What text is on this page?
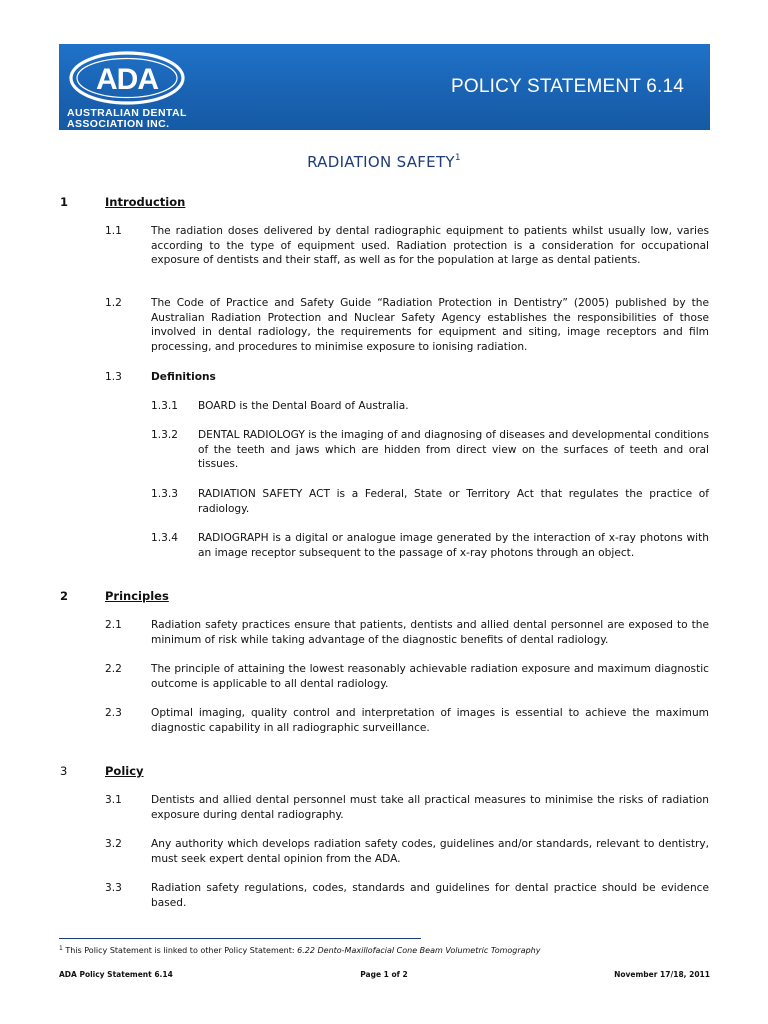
ADA
AUSTRALIAN DENTAL
ASSOCIATION INC.
POLICY STATEMENT 6.14
RADIATION SAFETY$^1$
1	Introduction
1.1	The radiation doses delivered by dental radiographic equipment to patients whilst usually low, varies according to the type of equipment used. Radiation protection is a consideration for occupational exposure of dentists and their staff, as well as for the population at large as dental patients.
1.2	The Code of Practice and Safety Guide “Radiation Protection in Dentistry” (2005) published by the Australian Radiation Protection and Nuclear Safety Agency establishes the responsibilities of those involved in dental radiology, the requirements for equipment and siting, image receptors and film processing, and procedures to minimise exposure to ionising radiation.
1.3	Definitions
1.3.1 BOARD is the Dental Board of Australia.
1.3.2 DENTAL RADIOLOGY is the imaging of and diagnosing of diseases and developmental conditions of the teeth and jaws which are hidden from direct view on the surfaces of teeth and oral tissues.
1.3.3 RADIATION SAFETY ACT is a Federal, State or Territory Act that regulates the practice of radiology.
1.3.4 RADIOGRAPH is a digital or analogue image generated by the interaction of x-ray photons with an image receptor subsequent to the passage of x-ray photons through an object.
2	Principles
2.1	Radiation safety practices ensure that patients, dentists and allied dental personnel are exposed to the minimum of risk while taking advantage of the diagnostic benefits of dental radiology.
2.2	The principle of attaining the lowest reasonably achievable radiation exposure and maximum diagnostic outcome is applicable to all dental radiology.
2.3	Optimal imaging, quality control and interpretation of images is essential to achieve the maximum diagnostic capability in all radiographic surveillance.
3	Policy
3.1	Dentists and allied dental personnel must take all practical measures to minimise the risks of radiation exposure during dental radiography.
3.2	Any authority which develops radiation safety codes, guidelines and/or standards, relevant to dentistry, must seek expert dental opinion from the ADA.
3.3	Radiation safety regulations, codes, standards and guidelines for dental practice should be evidence based.
$^1$ This Policy Statement is linked to other Policy Statement: 6.22 Dento-Maxillofacial Cone Beam Volumetric Tomography
ADA Policy Statement 6.14	Page 1 of 2	November 17/18, 2011
